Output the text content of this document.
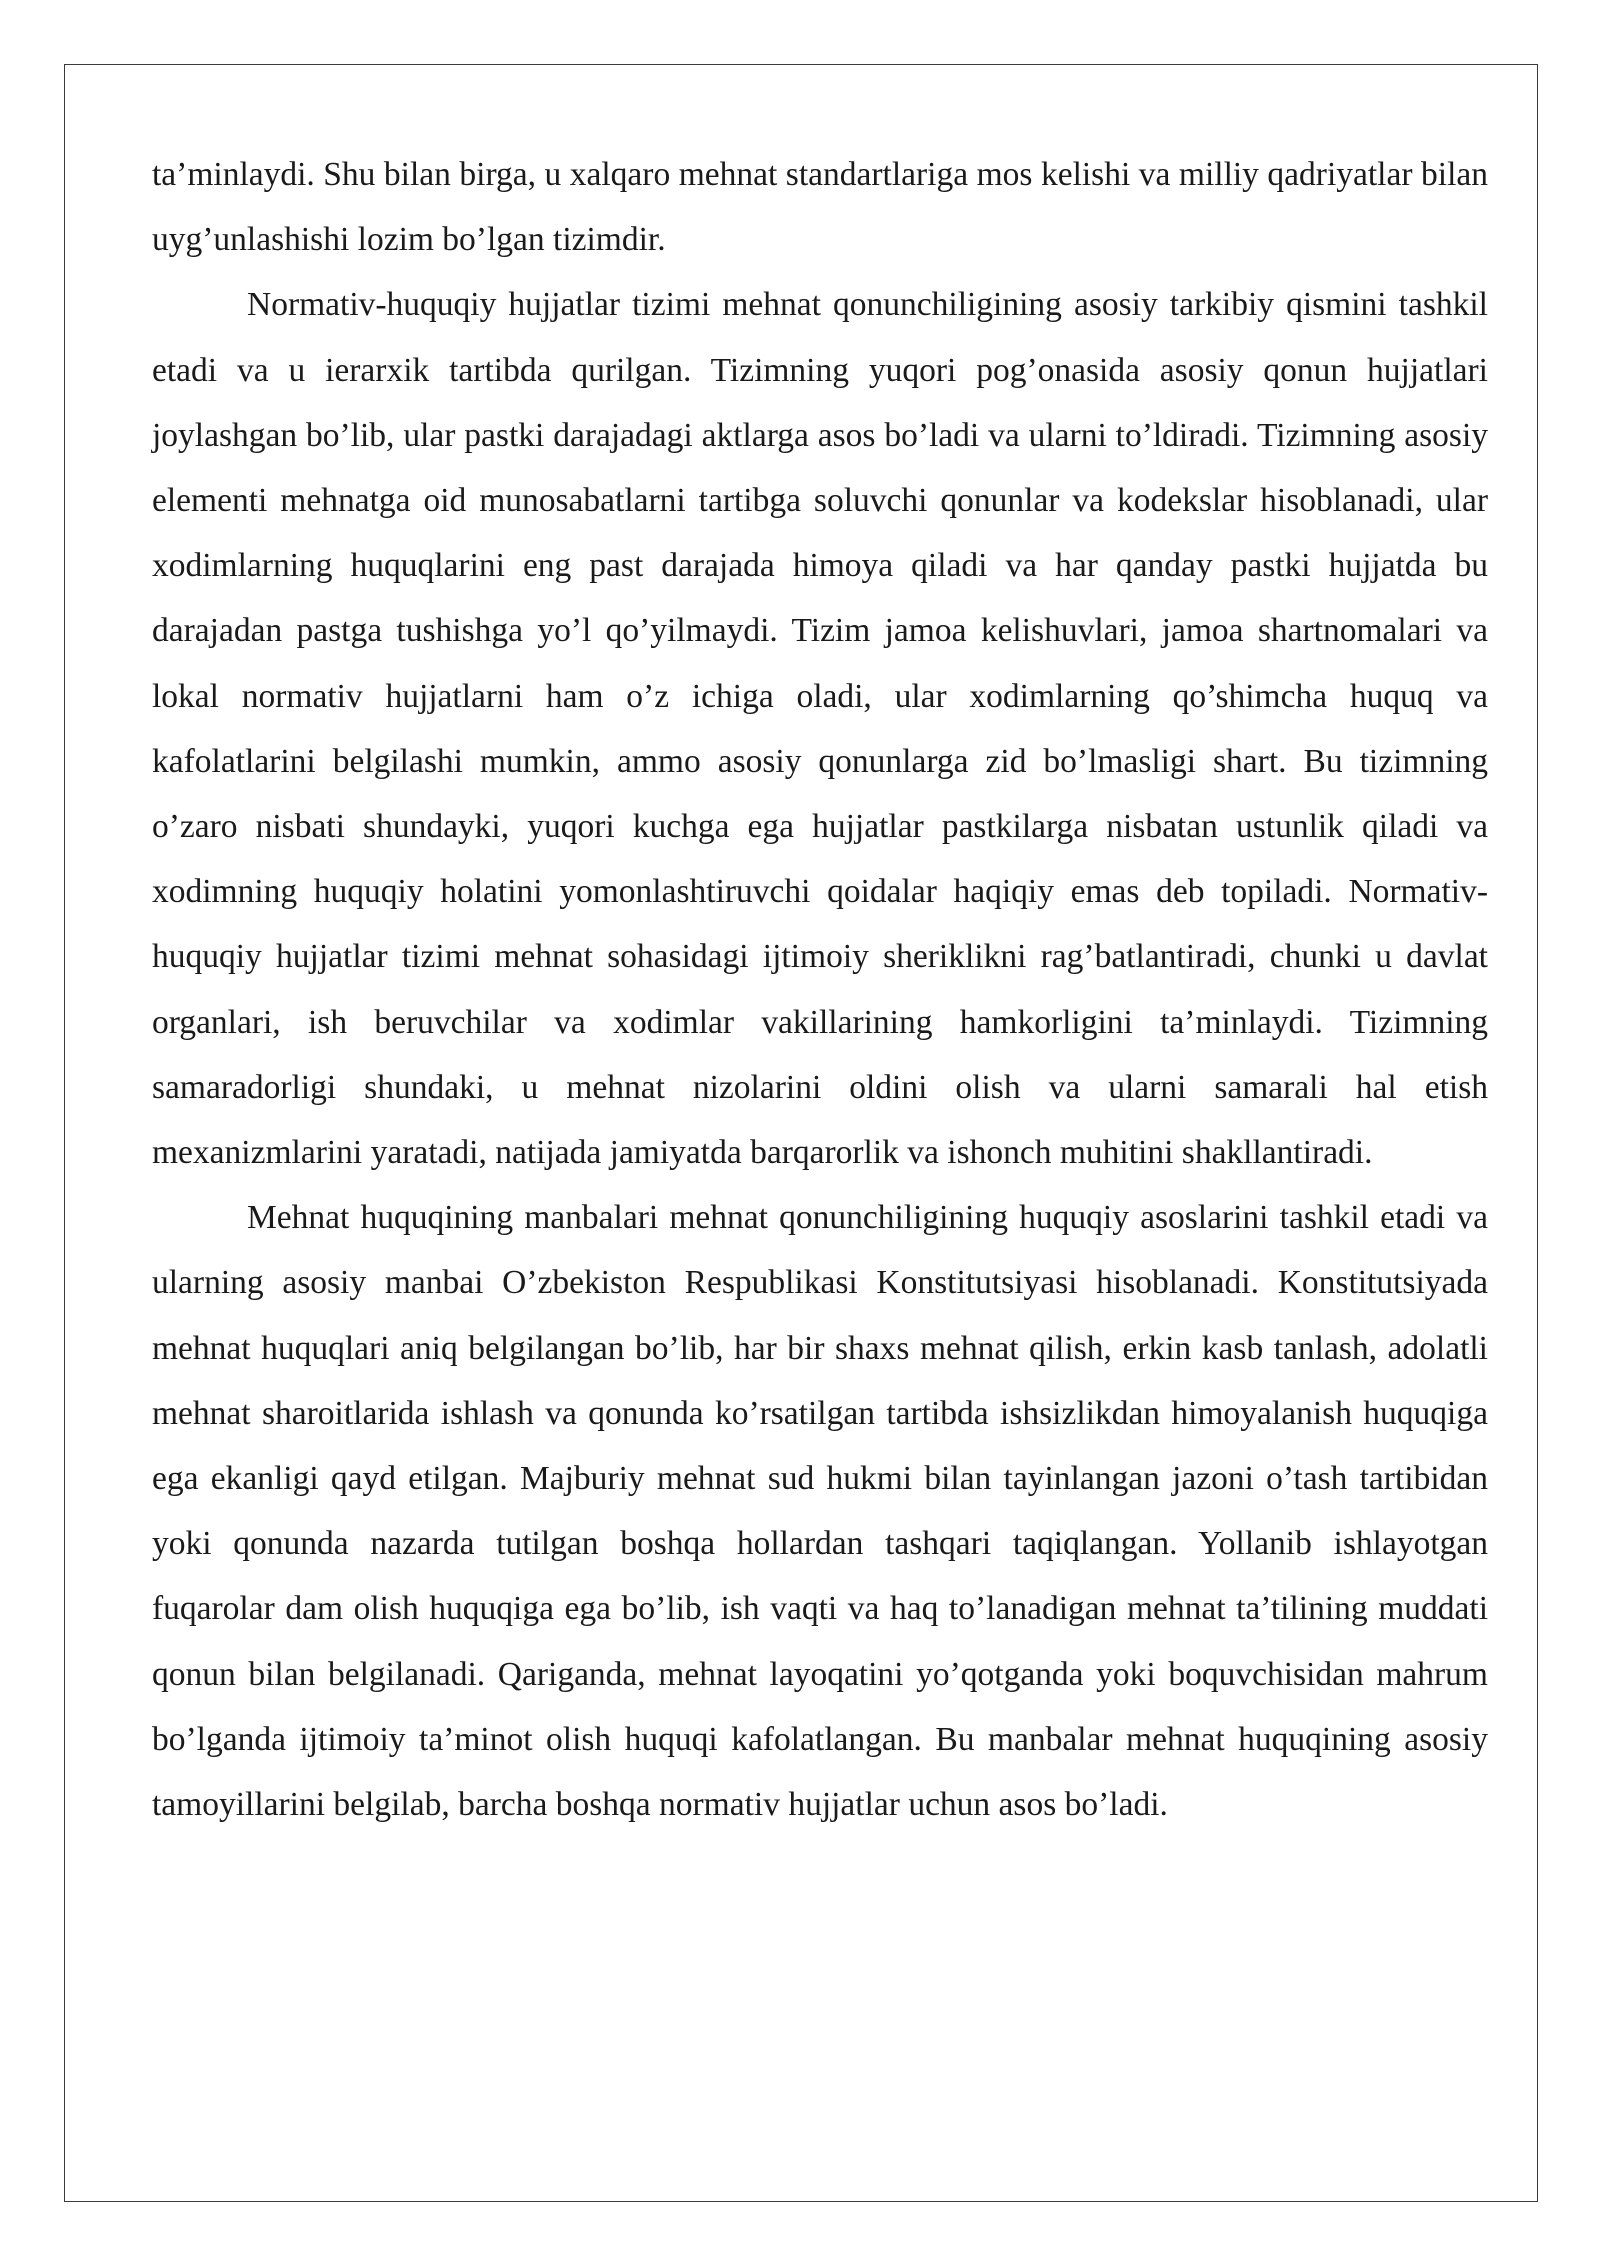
ta’minlaydi. Shu bilan birga, u xalqaro mehnat standartlariga mos kelishi va milliy qadriyatlar bilan uyg’unlashishi lozim bo’lgan tizimdir.

Normativ-huquqiy hujjatlar tizimi mehnat qonunchiligining asosiy tarkibiy qismini tashkil etadi va u ierarxik tartibda qurilgan. Tizimning yuqori pog’onasida asosiy qonun hujjatlari joylashgan bo’lib, ular pastki darajadagi aktlarga asos bo’ladi va ularni to’ldiradi. Tizimning asosiy elementi mehnatga oid munosabatlarni tartibga soluvchi qonunlar va kodekslar hisoblanadi, ular xodimlarning huquqlarini eng past darajada himoya qiladi va har qanday pastki hujjatda bu darajadan pastga tushishga yo’l qo’yilmaydi. Tizim jamoa kelishuvlari, jamoa shartnomalari va lokal normativ hujjatlarni ham o’z ichiga oladi, ular xodimlarning qo’shimcha huquq va kafolatlarini belgilashi mumkin, ammo asosiy qonunlarga zid bo’lmasligi shart. Bu tizimning o’zaro nisbati shundayki, yuqori kuchga ega hujjatlar pastkilarga nisbatan ustunlik qiladi va xodimning huquqiy holatini yomonlashtiruvchi qoidalar haqiqiy emas deb topiladi. Normativ-huquqiy hujjatlar tizimi mehnat sohasidagi ijtimoiy sheriklikni rag’batlantiradi, chunki u davlat organlari, ish beruvchilar va xodimlar vakillarining hamkorligini ta’minlaydi. Tizimning samaradorligi shundaki, u mehnat nizolarini oldini olish va ularni samarali hal etish mexanizmlarini yaratadi, natijada jamiyatda barqarorlik va ishonch muhitini shakllantiradi.

Mehnat huquqining manbalari mehnat qonunchiligining huquqiy asoslarini tashkil etadi va ularning asosiy manbai O’zbekiston Respublikasi Konstitutsiyasi hisoblanadi. Konstitutsiyada mehnat huquqlari aniq belgilangan bo’lib, har bir shaxs mehnat qilish, erkin kasb tanlash, adolatli mehnat sharoitlarida ishlash va qonunda ko’rsatilgan tartibda ishsizlikdan himoyalanish huquqiga ega ekanligi qayd etilgan. Majburiy mehnat sud hukmi bilan tayinlangan jazoni o’tash tartibidan yoki qonunda nazarda tutilgan boshqa hollardan tashqari taqiqlangan. Yollanib ishlayotgan fuqarolar dam olish huquqiga ega bo’lib, ish vaqti va haq to’lanadigan mehnat ta’tilining muddati qonun bilan belgilanadi. Qariganda, mehnat layoqatini yo’qotganda yoki boquvchisidan mahrum bo’lganda ijtimoiy ta’minot olish huquqi kafolatlangan. Bu manbalar mehnat huquqining asosiy tamoyillarini belgilab, barcha boshqa normativ hujjatlar uchun asos bo’ladi.
